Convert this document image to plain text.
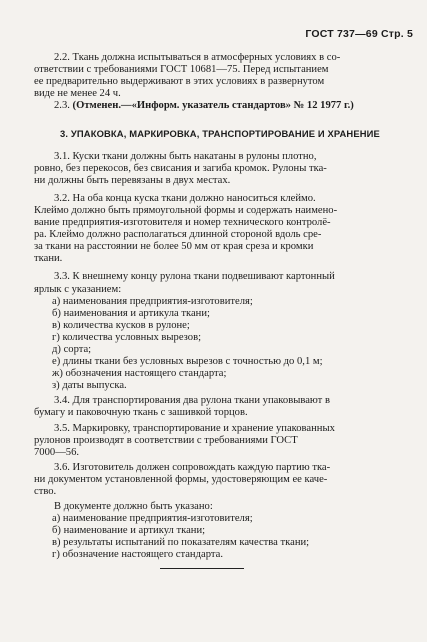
ГОСТ 737—69 Стр. 5

2.2. Ткань должна испытываться в атмосферных условиях в со-

ответствии с требованиями ГОСТ 10681—75. Перед испытанием

ее предварительно выдерживают в этих условиях в развернутом

виде не менее 24 ч.

2.3. (Отменен.—«Информ. указатель стандартов» № 12 1977 г.)

3. УПАКОВКА, МАРКИРОВКА, ТРАНСПОРТИРОВАНИЕ И ХРАНЕНИЕ

3.1. Куски ткани должны быть накатаны в рулоны плотно,

ровно, без перекосов, без свисания и загиба кромок. Рулоны тка-

ни должны быть перевязаны в двух местах.

3.2. На оба конца куска ткани должно наноситься клеймо.

Клеймо должно быть прямоугольной формы и содержать наимено-

вание предприятия-изготовителя и номер технического контролё-

ра. Клеймо должно располагаться длинной стороной вдоль сре-

за ткани на расстоянии не более 50 мм от края среза и кромки

ткани.

3.3. К внешнему концу рулона ткани подвешивают картонный

ярлык с указанием:

а) наименования предприятия-изготовителя;

б) наименования и артикула ткани;

в) количества кусков в рулоне;

г) количества условных вырезов;

д) сорта;

е) длины ткани без условных вырезов с точностью до 0,1 м;

ж) обозначения настоящего стандарта;

з) даты выпуска.

3.4. Для транспортирования два рулона ткани упаковывают в

бумагу и паковочную ткань с зашивкой торцов.

3.5. Маркировку, транспортирование и хранение упакованных

рулонов производят в соответствии с требованиями ГОСТ

7000—56.

3.6. Изготовитель должен сопровождать каждую партию тка-

ни документом установленной формы, удостоверяющим ее каче-

ство.

В документе должно быть указано:

а) наименование предприятия-изготовителя;

б) наименование и артикул ткани;

в) результаты испытаний по показателям качества ткани;

г) обозначение настоящего стандарта.
